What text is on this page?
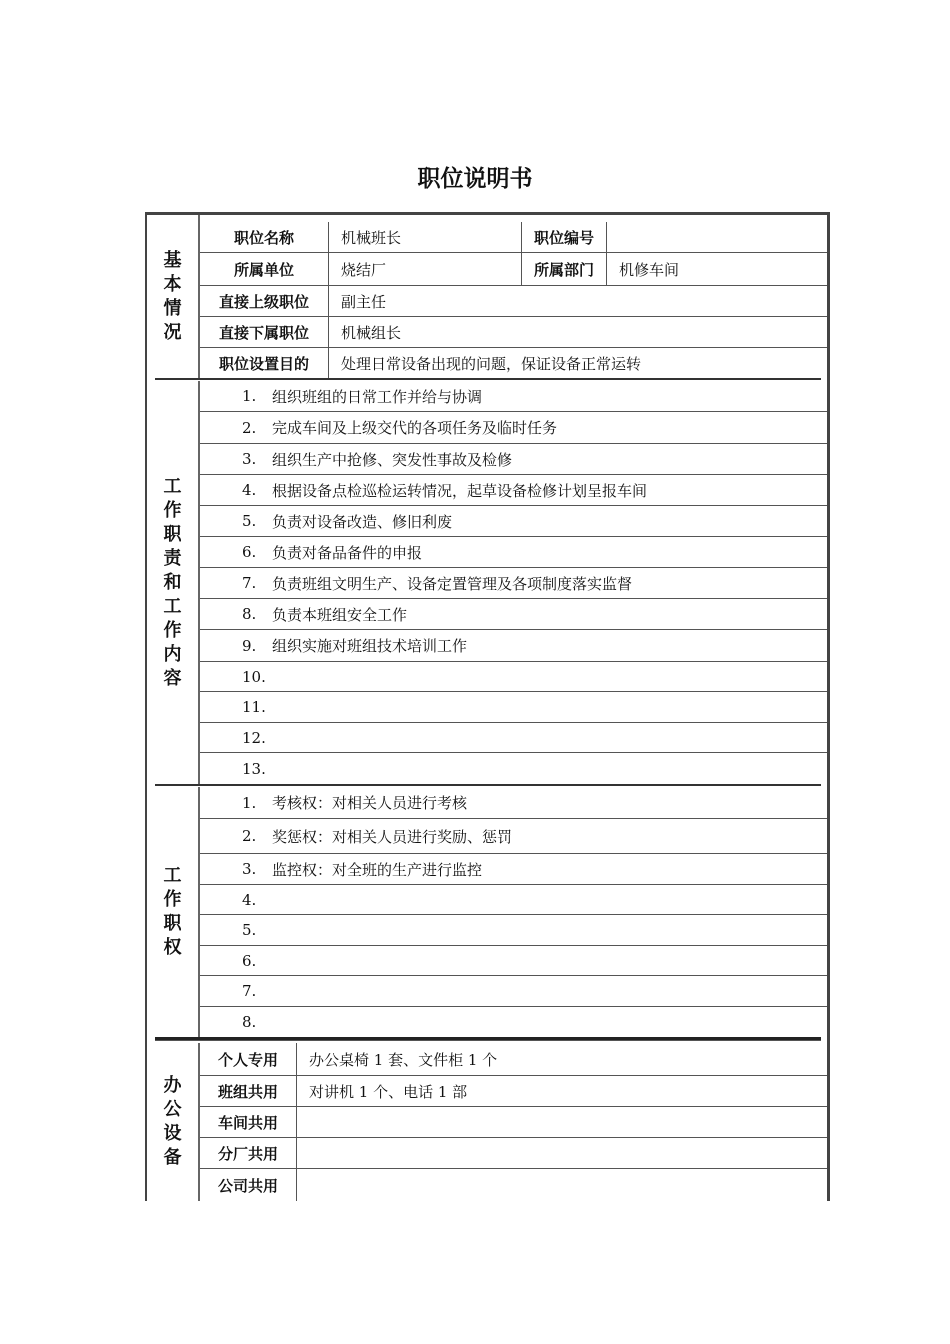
职位说明书
基本情况
职位名称	机械班长	职位编号
所属单位	烧结厂	所属部门	机修车间
直接上级职位	副主任
直接下属职位	机械组长
职位设置目的	处理日常设备出现的问题，保证设备正常运转
工作职责和工作内容
1.	组织班组的日常工作并给与协调
2.	完成车间及上级交代的各项任务及临时任务
3.	组织生产中抢修、突发性事故及检修
4.	根据设备点检巡检运转情况，起草设备检修计划呈报车间
5.	负责对设备改造、修旧利废
6.	负责对备品备件的申报
7.	负责班组文明生产、设备定置管理及各项制度落实监督
8.	负责本班组安全工作
9.	组织实施对班组技术培训工作
10.
11.
12.
13.
工作职权
1.	考核权：对相关人员进行考核
2.	奖惩权：对相关人员进行奖励、惩罚
3.	监控权：对全班的生产进行监控
4.
5.
6.
7.
8.
办公设备
个人专用	办公桌椅 1 套、文件柜 1 个
班组共用	对讲机 1 个、电话 1 部
车间共用
分厂共用
公司共用
